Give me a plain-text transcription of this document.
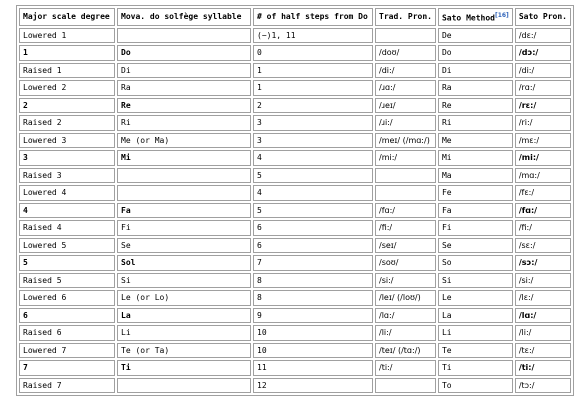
Major scale degree	Mova. do solfège syllable	# of half steps from Do	Trad. Pron.	Sato Method[16]	Sato Pron.
Lowered 1		(−)1, 11		De	/dɛ:/
1	Do	0	/doʊ/	Do	/dɔ:/
Raised 1	Di	1	/di:/	Di	/di:/
Lowered 2	Ra	1	/ɹɑ:/	Ra	/rɑ:/
2	Re	2	/ɹeɪ/	Re	/rɛ:/
Raised 2	Ri	3	/ɹi:/	Ri	/ri:/
Lowered 3	Me (or Ma)	3	/meɪ/ (/mɑ:/)	Me	/mɛ:/
3	Mi	4	/mi:/	Mi	/mi:/
Raised 3		5		Ma	/mɑ:/
Lowered 4		4		Fe	/fɛ:/
4	Fa	5	/fɑ:/	Fa	/fɑ:/
Raised 4	Fi	6	/fi:/	Fi	/fi:/
Lowered 5	Se	6	/seɪ/	Se	/sɛ:/
5	Sol	7	/soʊ/	So	/sɔ:/
Raised 5	Si	8	/si:/	Si	/si:/
Lowered 6	Le (or Lo)	8	/leɪ/ (/loʊ/)	Le	/lɛ:/
6	La	9	/lɑ:/	La	/lɑ:/
Raised 6	Li	10	/li:/	Li	/li:/
Lowered 7	Te (or Ta)	10	/teɪ/ (/tɑ:/)	Te	/tɛ:/
7	Ti	11	/ti:/	Ti	/ti:/
Raised 7		12		To	/tɔ:/
